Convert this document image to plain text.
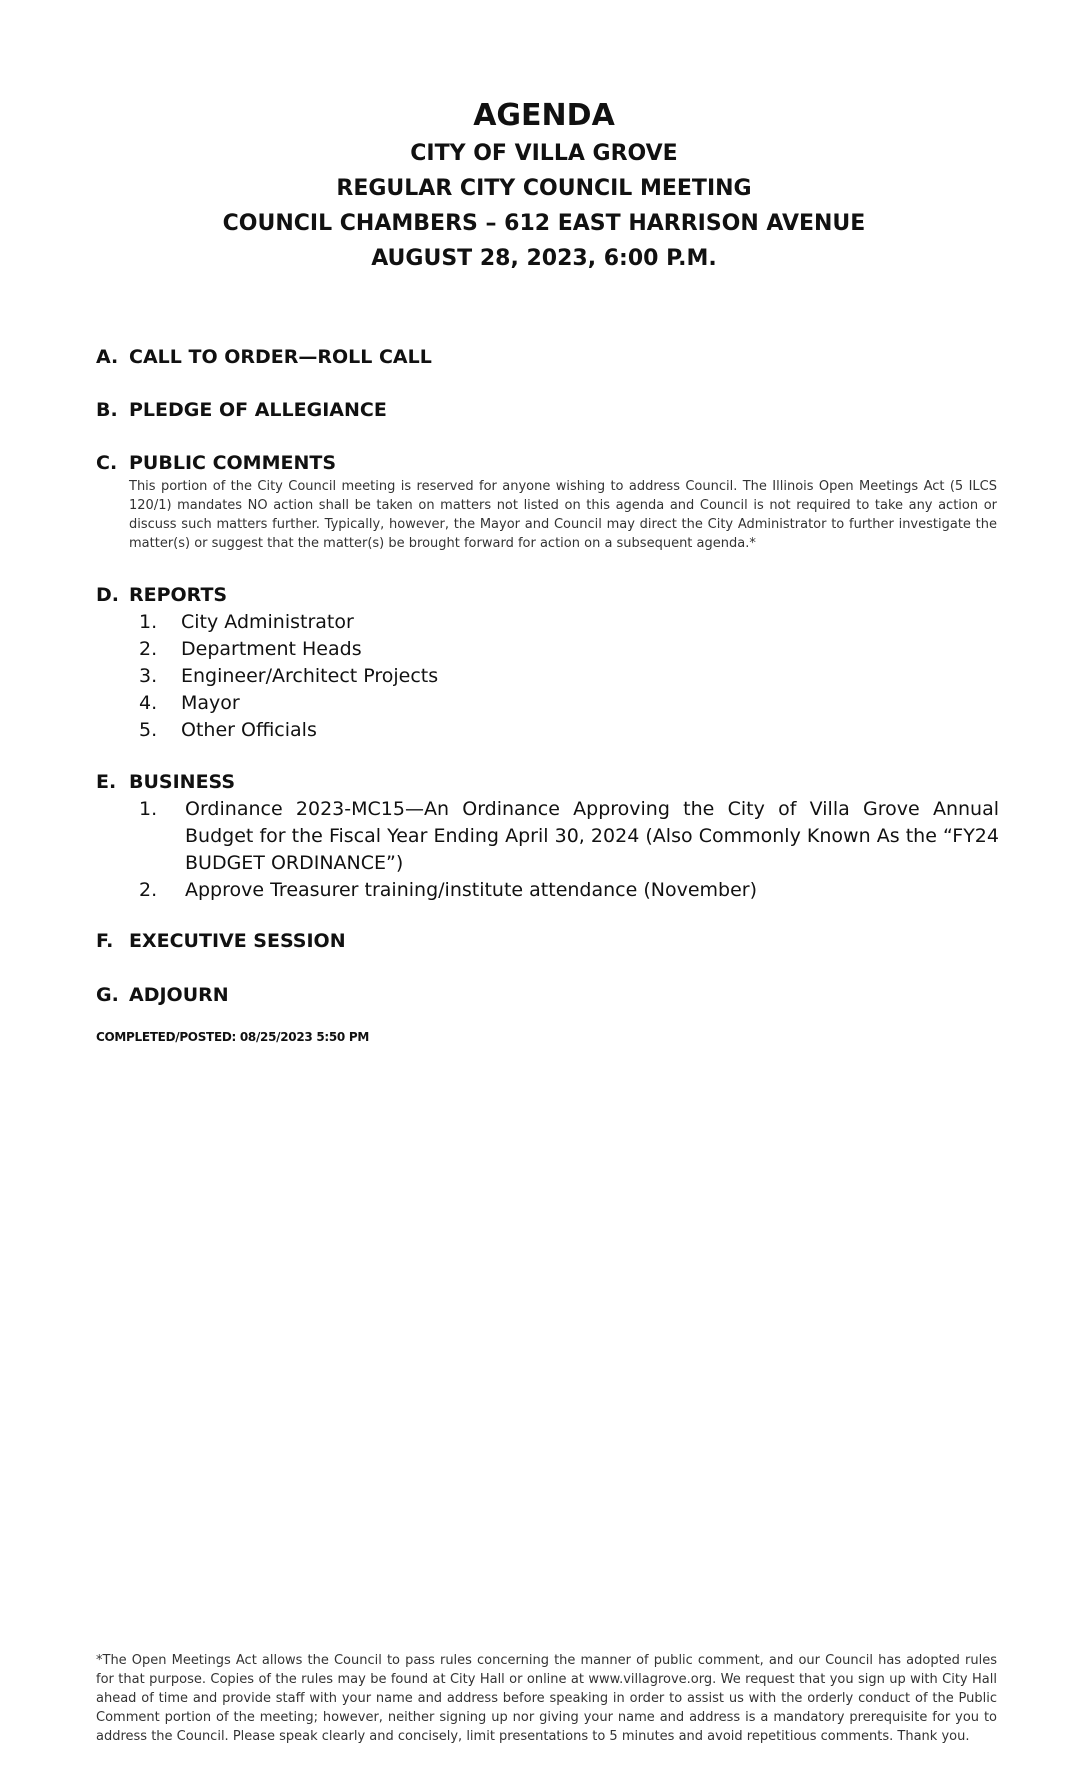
AGENDA
CITY OF VILLA GROVE
REGULAR CITY COUNCIL MEETING
COUNCIL CHAMBERS – 612 EAST HARRISON AVENUE
AUGUST 28, 2023, 6:00 P.M.
A. CALL TO ORDER—ROLL CALL
B. PLEDGE OF ALLEGIANCE
C. PUBLIC COMMENTS
This portion of the City Council meeting is reserved for anyone wishing to address Council. The Illinois Open Meetings Act (5 ILCS 120/1) mandates NO action shall be taken on matters not listed on this agenda and Council is not required to take any action or discuss such matters further. Typically, however, the Mayor and Council may direct the City Administrator to further investigate the matter(s) or suggest that the matter(s) be brought forward for action on a subsequent agenda.*
D. REPORTS
1. City Administrator
2. Department Heads
3. Engineer/Architect Projects
4. Mayor
5. Other Officials
E. BUSINESS
1. Ordinance 2023-MC15—An Ordinance Approving the City of Villa Grove Annual Budget for the Fiscal Year Ending April 30, 2024 (Also Commonly Known As the “FY24 BUDGET ORDINANCE”)
2. Approve Treasurer training/institute attendance (November)
F. EXECUTIVE SESSION
G. ADJOURN
COMPLETED/POSTED: 08/25/2023 5:50 PM
*The Open Meetings Act allows the Council to pass rules concerning the manner of public comment, and our Council has adopted rules for that purpose. Copies of the rules may be found at City Hall or online at www.villagrove.org. We request that you sign up with City Hall ahead of time and provide staff with your name and address before speaking in order to assist us with the orderly conduct of the Public Comment portion of the meeting; however, neither signing up nor giving your name and address is a mandatory prerequisite for you to address the Council. Please speak clearly and concisely, limit presentations to 5 minutes and avoid repetitious comments. Thank you.
